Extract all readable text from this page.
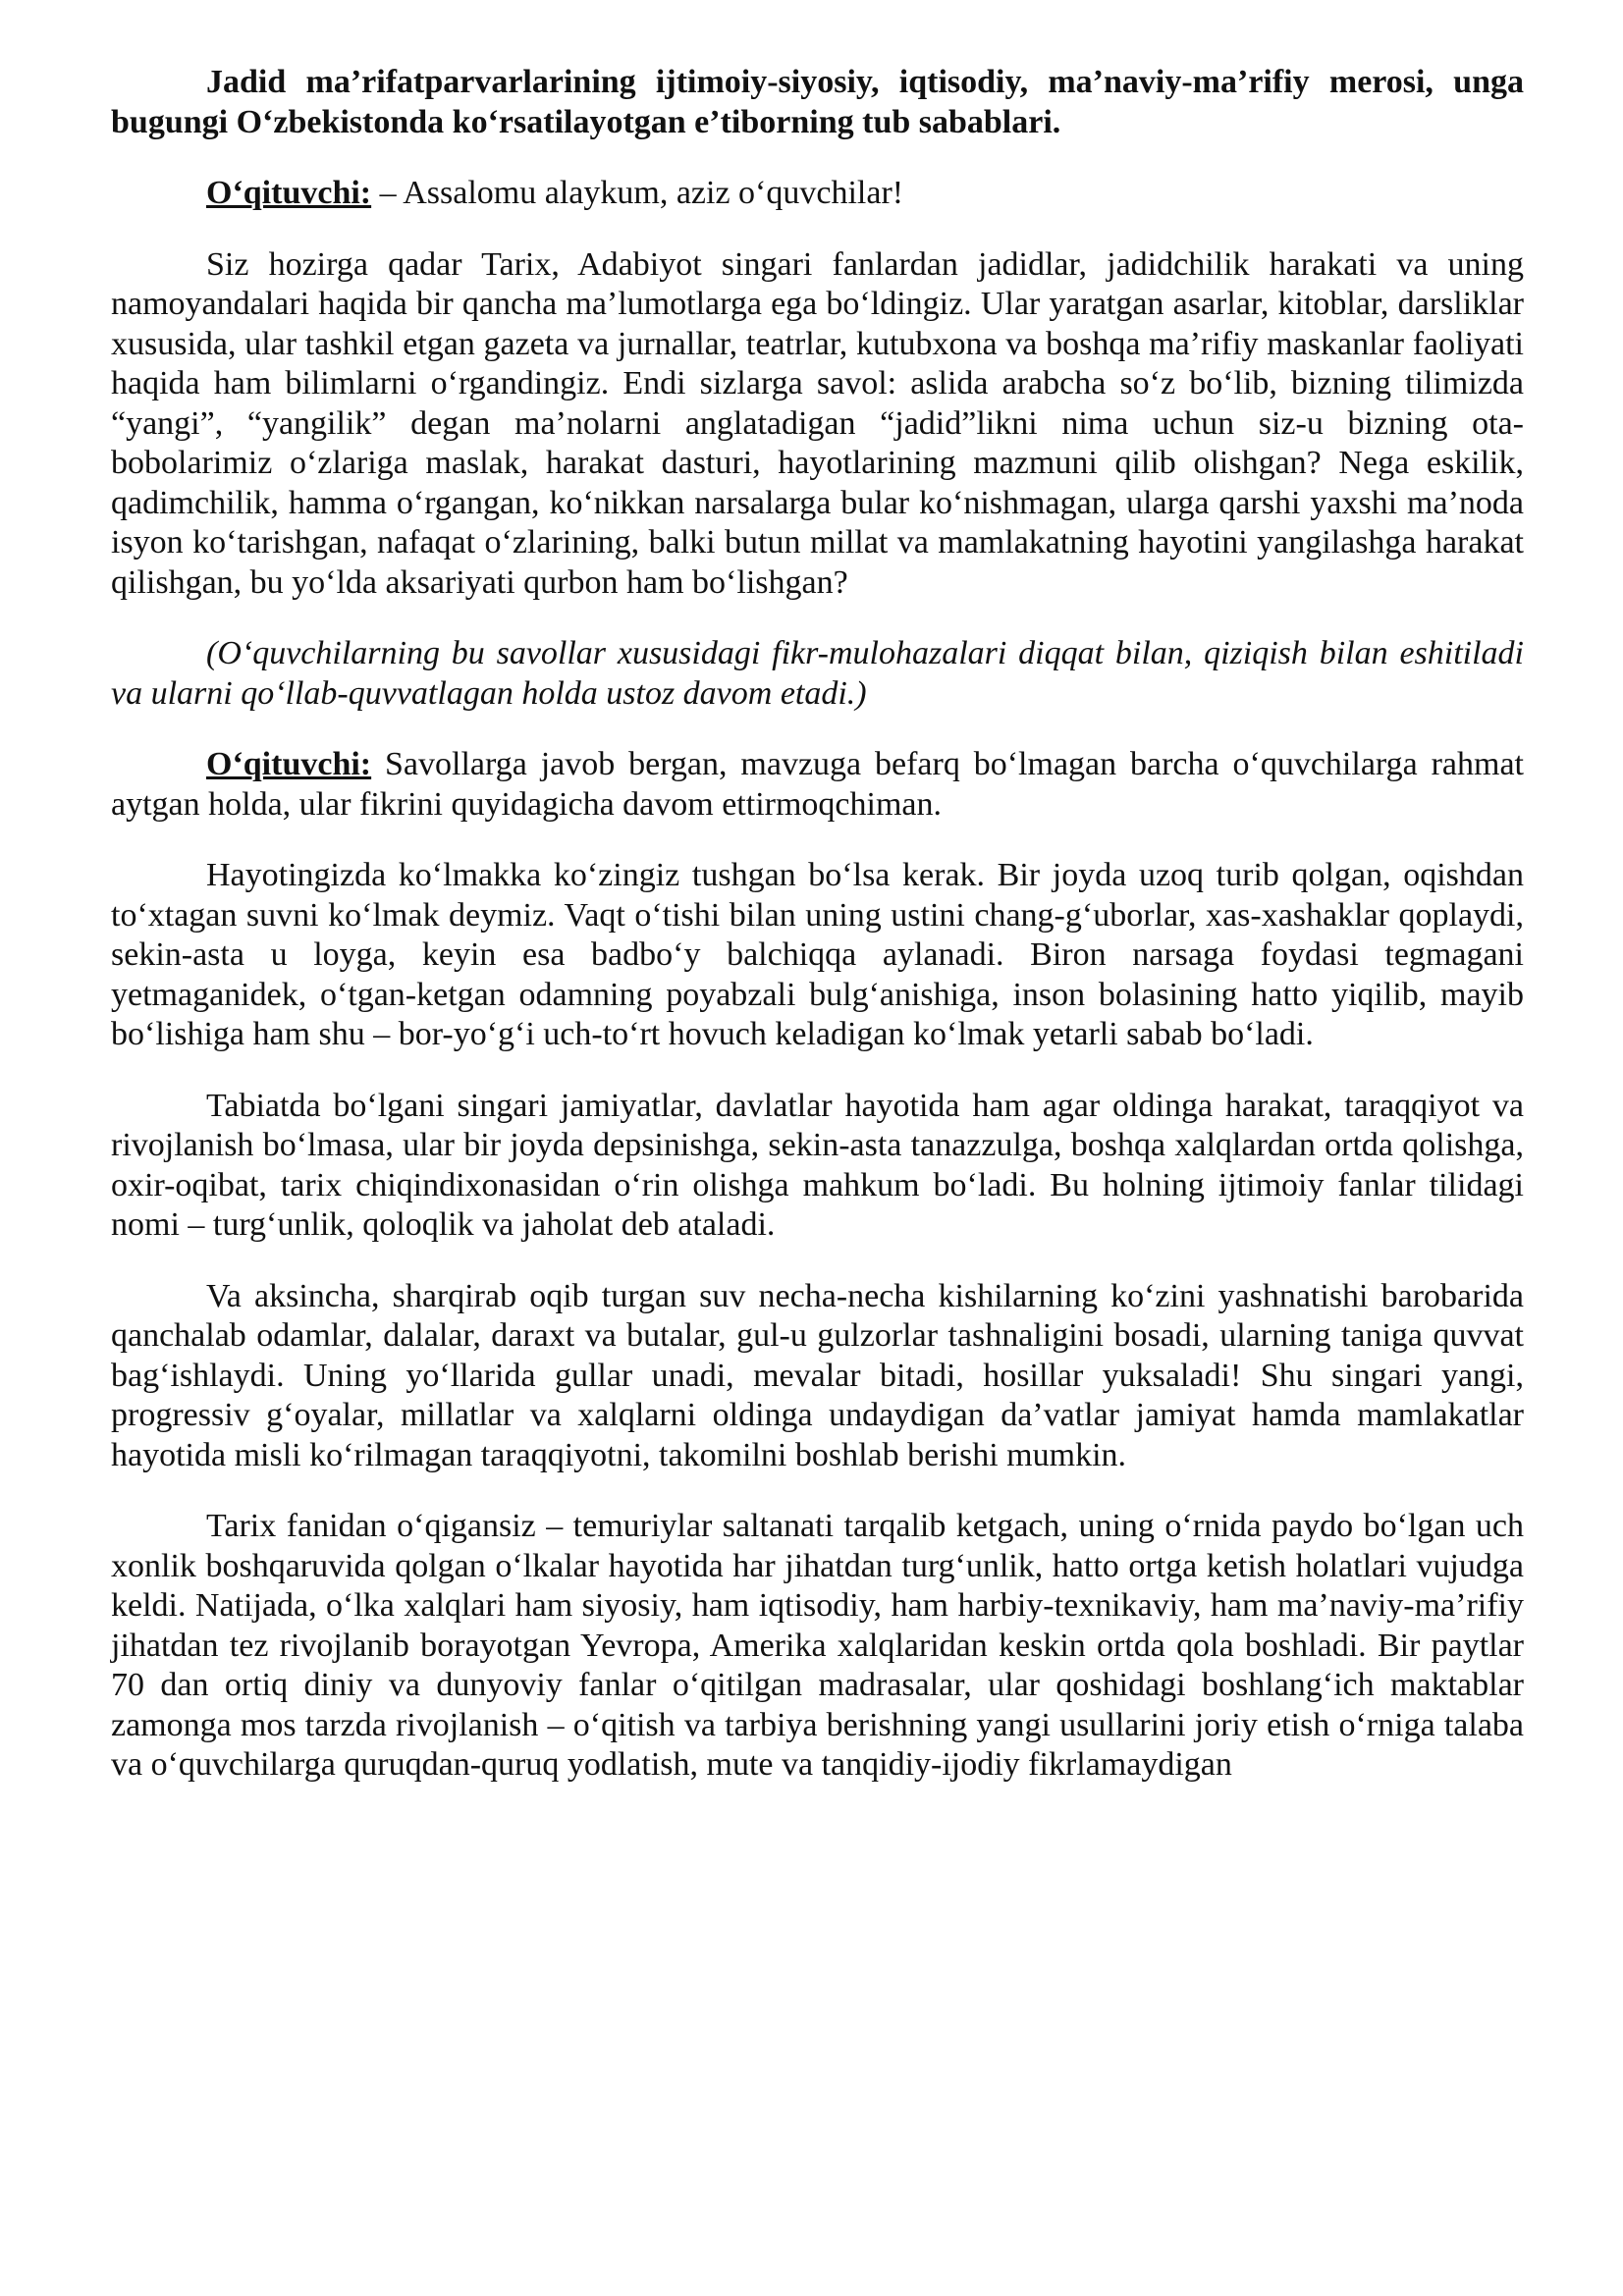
Jadid ma’rifatparvarlarining ijtimoiy-siyosiy, iqtisodiy, ma’naviy-ma’rifiy merosi, unga bugungi O‘zbekistonda ko‘rsatilayotgan e’tiborning tub sabablari.

O‘qituvchi: – Assalomu alaykum, aziz o‘quvchilar!

Siz hozirga qadar Tarix, Adabiyot singari fanlardan jadidlar, jadidchilik harakati va uning namoyandalari haqida bir qancha ma’lumotlarga ega bo‘ldingiz. Ular yaratgan asarlar, kitoblar, darsliklar xususida, ular tashkil etgan gazeta va jurnallar, teatrlar, kutubxona va boshqa ma’rifiy maskanlar faoliyati haqida ham bilimlarni o‘rgandingiz. Endi sizlarga savol: aslida arabcha so‘z bo‘lib, bizning tilimizda “yangi”, “yangilik” degan ma’nolarni anglatadigan “jadid”likni nima uchun siz-u bizning ota-bobolarimiz o‘zlariga maslak, harakat dasturi, hayotlarining mazmuni qilib olishgan? Nega eskilik, qadimchilik, hamma o‘rgangan, ko‘nikkan narsalarga bular ko‘nishmagan, ularga qarshi yaxshi ma’noda isyon ko‘tarishgan, nafaqat o‘zlarining, balki butun millat va mamlakatning hayotini yangilashga harakat qilishgan, bu yo‘lda aksariyati qurbon ham bo‘lishgan?

(O‘quvchilarning bu savollar xususidagi fikr-mulohazalari diqqat bilan, qiziqish bilan eshitiladi va ularni qo‘llab-quvvatlagan holda ustoz davom etadi.)

O‘qituvchi: Savollarga javob bergan, mavzuga befarq bo‘lmagan barcha o‘quvchilarga rahmat aytgan holda, ular fikrini quyidagicha davom ettirmoqchiman.

Hayotingizda ko‘lmakka ko‘zingiz tushgan bo‘lsa kerak. Bir joyda uzoq turib qolgan, oqishdan to‘xtagan suvni ko‘lmak deymiz. Vaqt o‘tishi bilan uning ustini chang-g‘uborlar, xas-xashaklar qoplaydi, sekin-asta u loyga, keyin esa badbo‘y balchiqqa aylanadi. Biron narsaga foydasi tegmagani yetmaganidek, o‘tgan-ketgan odamning poyabzali bulg‘anishiga, inson bolasining hatto yiqilib, mayib bo‘lishiga ham shu – bor-yo‘g‘i uch-to‘rt hovuch keladigan ko‘lmak yetarli sabab bo‘ladi.

Tabiatda bo‘lgani singari jamiyatlar, davlatlar hayotida ham agar oldinga harakat, taraqqiyot va rivojlanish bo‘lmasa, ular bir joyda depsinishga, sekin-asta tanazzulga, boshqa xalqlardan ortda qolishga, oxir-oqibat, tarix chiqindixonasidan o‘rin olishga mahkum bo‘ladi. Bu holning ijtimoiy fanlar tilidagi nomi – turg‘unlik, qoloqlik va jaholat deb ataladi.

Va aksincha, sharqirab oqib turgan suv necha-necha kishilarning ko‘zini yashnatishi barobarida qanchalab odamlar, dalalar, daraxt va butalar, gul-u gulzorlar tashnaligini bosadi, ularning taniga quvvat bag‘ishlaydi. Uning yo‘llarida gullar unadi, mevalar bitadi, hosillar yuksaladi! Shu singari yangi, progressiv g‘oyalar, millatlar va xalqlarni oldinga undaydigan da’vatlar jamiyat hamda mamlakatlar hayotida misli ko‘rilmagan taraqqiyotni, takomilni boshlab berishi mumkin.

Tarix fanidan o‘qigansiz – temuriylar saltanati tarqalib ketgach, uning o‘rnida paydo bo‘lgan uch xonlik boshqaruvida qolgan o‘lkalar hayotida har jihatdan turg‘unlik, hatto ortga ketish holatlari vujudga keldi. Natijada, o‘lka xalqlari ham siyosiy, ham iqtisodiy, ham harbiy-texnikaviy, ham ma’naviy-ma’rifiy jihatdan tez rivojlanib borayotgan Yevropa, Amerika xalqlaridan keskin ortda qola boshladi. Bir paytlar 70 dan ortiq diniy va dunyoviy fanlar o‘qitilgan madrasalar, ular qoshidagi boshlang‘ich maktablar zamonga mos tarzda rivojlanish – o‘qitish va tarbiya berishning yangi usullarini joriy etish o‘rniga talaba va o‘quvchilarga quruqdan-quruq yodlatish, mute va tanqidiy-ijodiy fikrlamaydigan
